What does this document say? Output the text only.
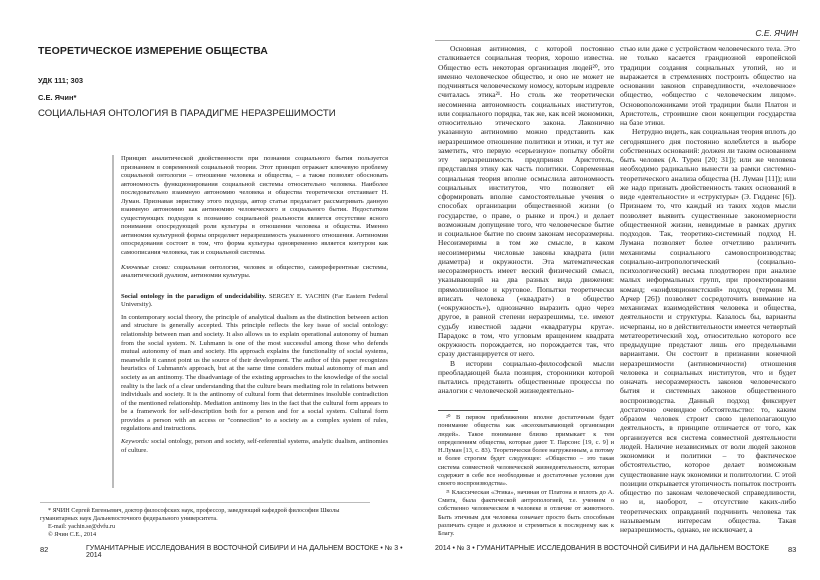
ТЕОРЕТИЧЕСКОЕ ИЗМЕРЕНИЕ ОБЩЕСТВА
УДК 111; 303
С.Е. Ячин*
СОЦИАЛЬНАЯ ОНТОЛОГИЯ В ПАРАДИГМЕ НЕРАЗРЕШИМОСТИ

Принцип аналитической двойственности при познании социального бытия пользуется признанием в современной социальной теории. Этот принцип отражает ключевую проблему социальной онтологии – отношение человека и общества, – а также позволят обосновать автономность функционирования социальной системы относительно человека. Наиболее последовательно взаимную автономию человека и общества теоретически отстаивает Н. Луман. Признавая эвристику этого подхода, автор статьи предлагает рассматривать данную взаимную автономию как антиномию человеческого и социального бытия. Недостатком существующих подходов к познанию социальной реальности является отсутствие ясного понимания опосредующей роли культуры в отношении человека и общества. Именно антиномия культурной формы определяет неразрешимость указанного отношения. Антиномия опосредования состоит в том, что форма культуры одновременно является контуром как самоописания человека, так и социальной системы.

Ключевые слова: социальная онтология, человек и общество, самореферентные системы, аналитический дуализм, антиномии культуры.

Social ontology in the paradigm of undecidability. SERGEY E. YACHIN (Far Eastern Federal University).

In contemporary social theory, the principle of analytical dualism as the distinction between action and structure is generally accepted. This principle reflects the key issue of social ontology: relationship between man and society. It also allows us to explain operational autonomy of human from the social system. N. Luhmann is one of the most successful among those who defends mutual autonomy of man and society. His approach explains the functionality of social systems, meanwhile it cannot point us the source of their development. The author of this paper recognizes heuristics of Luhmann's approach, but at the same time considers mutual autonomy of man and society as an antinomy. The disadvantage of the existing approaches to the knowledge of the social reality is the lack of a clear understanding that the culture bears mediating role in relations between individuals and society. It is the antinomy of cultural form that determines insoluble contradiction of the mentioned relationship. Mediation antinomy lies in the fact that the cultural form appears to be a framework for self-description both for a person and for a social system. Cultural form provides a person with an access or "connection" to a society as a complex system of rules, regulations and instructions.

Keywords: social ontology, person and society, self-referential systems, analytic dualism, antinomies of culture.

* ЯЧИН Сергей Евгеньевич, доктор философских наук, профессор, заведующий кафедрой философии Школы гуманитарных наук Дальневосточного федерального университета.

E-mail: yachin.se@dvfu.ru

© Ячин С.Е., 2014

82	ГУМАНИТАРНЫЕ ИССЛЕДОВАНИЯ В ВОСТОЧНОЙ СИБИРИ И НА ДАЛЬНЕМ ВОСТОКЕ • № 3 • 2014
С.Е. ЯЧИН

Основная антиномия, с которой постоянно сталкивается социальная теория, хорошо известна. Общество есть некоторая организация людей²⁰, это именно человеческое общество, и оно не может не подчиняться человеческому номосу, которым издревле считалась этика²¹. Но столь же теоретически несомненна автономность социальных институтов, или социального порядка, так же, как всей экономики, относительно этического закона. Лаконично указанную антиномию можно представить как неразрешимое отношение политики и этики, и тут же заметить, что первую «серьезную» попытку обойти эту неразрешимость предпринял Аристотель, представляя этику как часть политики. Современная социальная теория вполне осмыслила автономность социальных институтов, что позволяет ей сформировать вполне самостоятельные учения о способах организации общественной жизни (о государстве, о праве, о рынке и проч.) и делает возможным допущение того, что человеческое бытие и социальное бытие по своим законам несоразмерны. Несоизмеримы в том же смысле, в каком несоизмеримы числовые законы квадрата (или диаметра) и окружности. Эта математическая несоразмерность имеет веский физический смысл, указывающий на два разных вида движения: прямолинейное и круговое. Попытки теоретически вписать человека («квадрат») в общество («окружность»), однозначно выразить одно через другое, в равной степени неразрешимы, т.е. имеют судьбу известной задачи «квадратуры круга». Парадокс в том, что угловым вращением квадрата окружность порождается, но порождается так, что сразу дистанцируется от него.

В истории социально-философской мысли преобладающей была позиция, сторонники которой пытались представить общественные процессы по аналогии с человеческой жизнедеятельно-

²⁰ В первом приближении вполне достаточным будет понимание общества как «всеохватывающей организации людей». Такое понимание близко примыкает к тем определениям общества, которые дают Т. Парсонс [19, с. 9] и Н.Луман [13, с. 83). Теоретически более нагруженным, а потому и более строгим будет следующее: «Общество – это такая система совместной человеческой жизнедеятельности, которая содержит в себе все необходимые и достаточные условия для своего воспроизводства».

²¹ Классическая «Этика», начиная от Платона и вплоть до А. Смита, была фактической антропологией, т.е. учением о собственно человеческом в человеке в отличие от животного. Быть этичным для человека означает просто быть способным различать сущее и должное и стремиться к последнему как к Благу.

стью или даже с устройством человеческого тела. Это не только касается грандиозной европейской традиции создания социальных утопий, но и выражается в стремлениях построить общество на основании законов справедливости, «человечное» общество, «общество с человеческим лицом». Основоположниками этой традиции были Платон и Аристотель, строившие свои концепции государства на базе этики.

Нетрудно видеть, как социальная теория вплоть до сегодняшнего дня постоянно колеблется в выборе собственных оснований: должен ли таким основанием быть человек (А. Турен [20; 31]); или же человека необходимо радикально вынести за рамки системно-теоретического анализа общества (Н. Луман [11]); или же надо признать двойственность таких оснований в виде «деятельности» и «структуры» (Э. Гидденс [6]). Признаем то, что каждый из таких ходов мысли позволяет выявить существенные закономерности общественной жизни, невидимые в рамках других подходов. Так, теоретико-системный подход Н. Лумана позволяет более отчетливо различить механизмы социального самовоспроизводства; социально-антропологический (социально-психологический) весьма плодотворен при анализе малых неформальных групп, при проектировании команд; «конфляционистский» подход (термин М. Арчер [26]) позволяет сосредоточить внимание на механизмах взаимодействия человека и общества, деятельности и структуры. Казалось бы, варианты исчерпаны, но в действительности имеется четвертый метатеоретический ход, относительно которого все предыдущие предстают лишь его предельными вариантами. Он состоит в признании конечной неразрешимости (антиномичности) отношения человека и социальных институтов, что и будет означать несоразмерность законов человеческого бытия и системных законов общественного воспроизводства. Данный подход фиксирует достаточно очевидное обстоятельство: то, каким образом человек строит свою целеполагающую деятельность, в принципе отличается от того, как организуется вся система совместной деятельности людей. Наличие независимых от воли людей законов экономики и политики – то фактическое обстоятельство, которое делает возможным существование наук экономики и политологии. С этой позиции открывается утопичность попыток построить общество по законам человеческой справедливости, но и, наоборот, – отсутствие каких-либо теоретических оправданий подчинить человека так называемым интересам общества. Такая неразрешимость, однако, не исключает, а

2014 • № 3 • ГУМАНИТАРНЫЕ ИССЛЕДОВАНИЯ В ВОСТОЧНОЙ СИБИРИ И НА ДАЛЬНЕМ ВОСТОКЕ	83
